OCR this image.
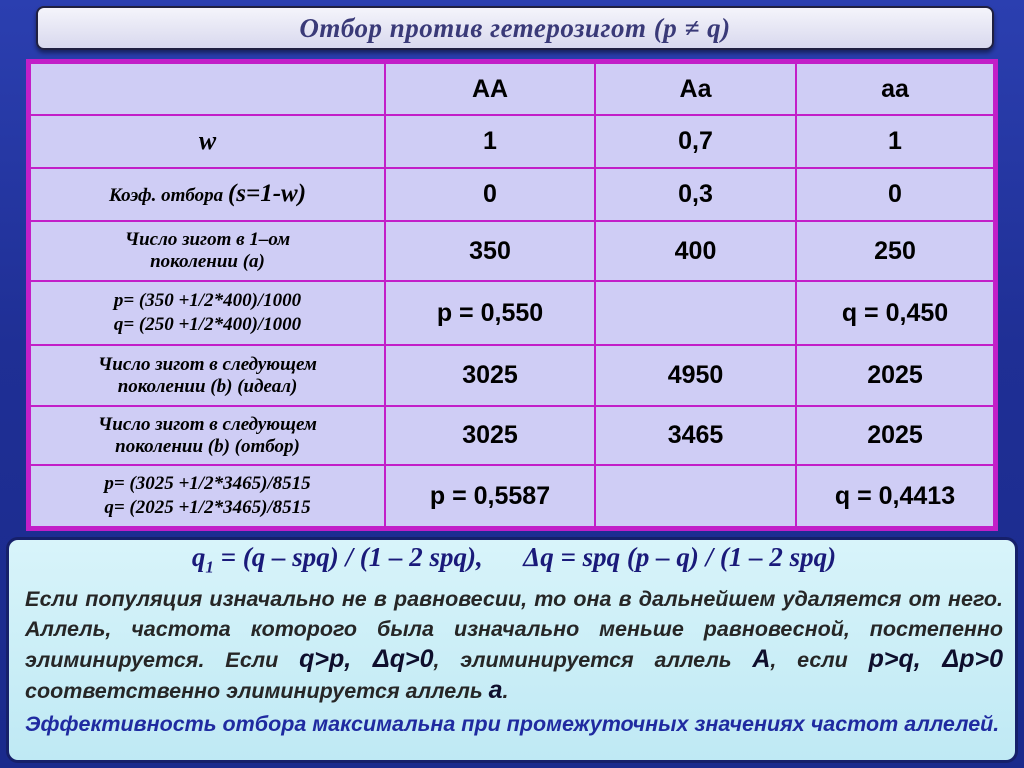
Отбор против гетерозигот (p ≠ q)
	AA	Aa	aa
w	1	0,7	1
Коэф. отбора (s=1-w)	0	0,3	0

Число зигот в 1–ом поколении (a)	350	400	250

p= (350 +1/2*400)/1000
q= (250 +1/2*400)/1000	p = 0,550		q = 0,450

Число зигот в следующем поколении (b) (идеал)	3025	4950	2025

Число зигот в следующем поколении (b) (отбор)	3025	3465	2025

p= (3025 +1/2*3465)/8515
q= (2025 +1/2*3465)/8515	p = 0,5587		q = 0,4413
$q_1 = (q - spq) / (1 - 2$ spq),      Δq = spq (p – q) / (1 – 2 spq)
Если популяция изначально не в равновесии, то она в дальнейшем удаляется от него. Аллель, частота которого была изначально меньше равновесной, постепенно элиминируется. Если q>p, Δq>0, элиминируется аллель A, если p>q, Δp>0 соответственно элиминируется аллель a.
Эффективность отбора максимальна при промежуточных значениях частот аллелей.
